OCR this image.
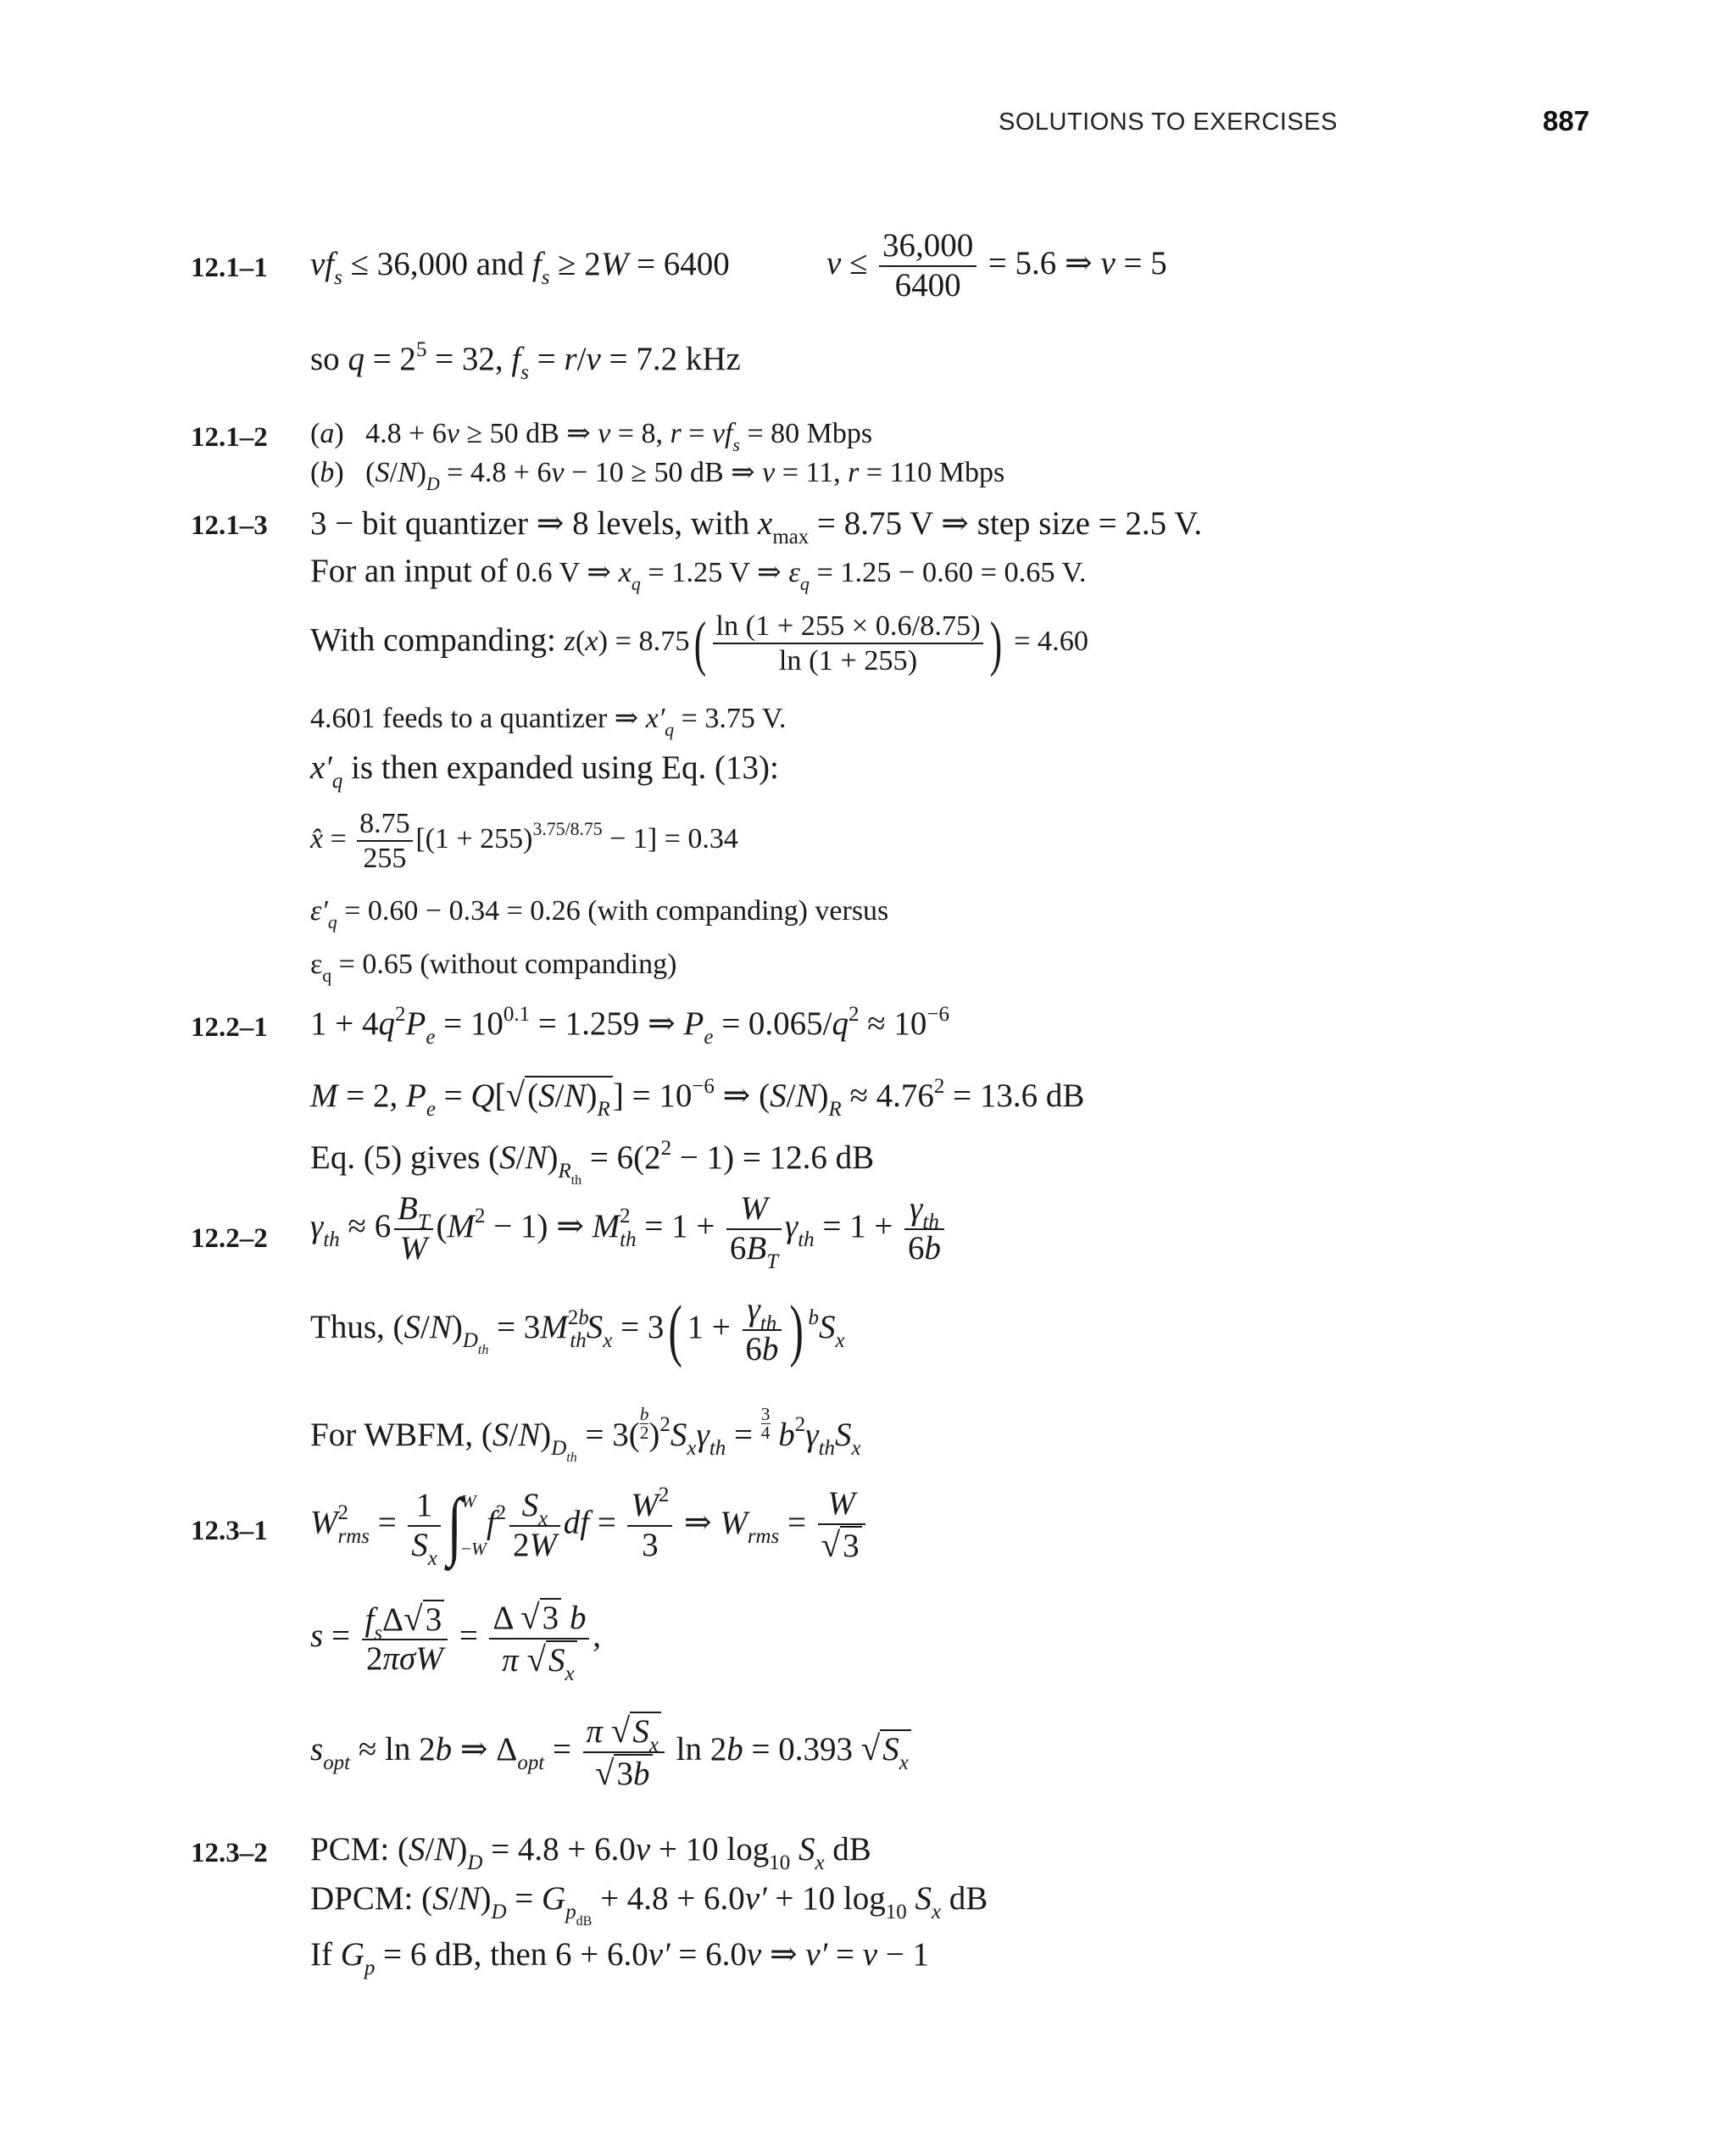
SOLUTIONS TO EXERCISES	887
12.1–1 $\nu f_s \le 36,000$ and $f_s \ge 2W = 6400$	$\nu \le \frac{36,000}{6400} = 5.6$ ⇒ ν = 5
so $q = 2^5 = 32$, $f_s = r/\nu = 7.2$ kHz
12.1–2 (a)   4.8 + 6ν ≥ 50 dB ⇒ ν = 8, $r = \nu f_s = 80$ Mbps
(b)   $(S/N)_D = 4.8 + 6\nu - 10 \ge 50$ dB ⇒ ν = 11, r = 110 Mbps
12.1–3 3 − bit quantizer ⇒ 8 levels, with $x_{max} = 8.75$ V ⇒ step size = 2.5 V.
For an input of 0.6 V ⇒ $x_q = 1.25$ V ⇒ $\varepsilon_q = 1.25 - 0.60 = 0.65$ V.
With companding: $z(x) = 8.75( \frac{\ln (1 + 255 \times 0.6/8.75)}{\ln (1 + 255)}$ ) = 4.60
4.601 feeds to a quantizer ⇒ $x'_q = 3.75$ V.
$x'_q$ is then expanded using Eq. (13):
x̂ = $\frac{8.75}{255} [(1 + 255)^{3.75/8.75} - 1] = 0.34$
$\varepsilon'_q = 0.60 - 0.34 = 0.26$ (with companding) versus
$\varepsilon_q = 0.65$ (without companding)
12.2–1 $1 + 4q^2P_e = 10^{0.1} = 1.259$ ⇒ $P_e = 0.065/q^2 \approx 10^{-6}$
M = 2, $P_e = Q[√(S/N)_R] = 10^{-6}$ ⇒ $(S/N)_R \approx 4.76^2 = 13.6$ dB
Eq. (5) gives $(S/N)_{R_{th}} = 6(2^2 - 1) = 12.6$ dB
12.2–2 $\gamma_{th} \approx 6 \frac{B_T}{W} (M^2 - 1)$ ⇒ $M^2_{th} = 1 + \frac{W}{6B_T} \gamma_{th} = 1 + \frac{\gamma_{th}}{6b}$
Thus, $(S/N)_{D_{th}} = 3M^{2b}_{th}S_x = 3$( $1 + \frac{\gamma_{th}}{6b}$ ) $^bS_x$
For WBFM, $(S/N)_{D_{th}} = 3( \frac{b}{2} )^2S_x\gamma_{th} = \frac{3}{4} b^2\gamma_{th}S_x$
12.3–1 $W^2_{rms} = \frac{1}{S_x}$ ∫ W
−W
$f^2 \frac{S_x}{2W}$ df = $\frac{W^2}{3}$ ⇒ $W_{rms} = \frac{W}{√3}$
$s = \frac{f_s\Delta√3}{\text{2πσW}} = \frac{\Delta √3 b}{\pi √S_x}$ ,
$s_{opt} \approx \ln 2b$ ⇒ $\Delta_{opt} = \frac{\pi √S_x}{√3b}$ ln 2b = 0.393 $√S_x$
12.3–2 PCM: $(S/N)_D = 4.8 + 6.0\nu + 10$ $\log_{10} S_x$ dB
DPCM: $(S/N)_D = G_{p_{dB}} + 4.8 + 6.0\nu' + 10$ $\log_{10} S_x$ dB
If $G_p = 6$ dB, then 6 + 6.0ν′ = 6.0ν ⇒ ν′ = ν − 1
